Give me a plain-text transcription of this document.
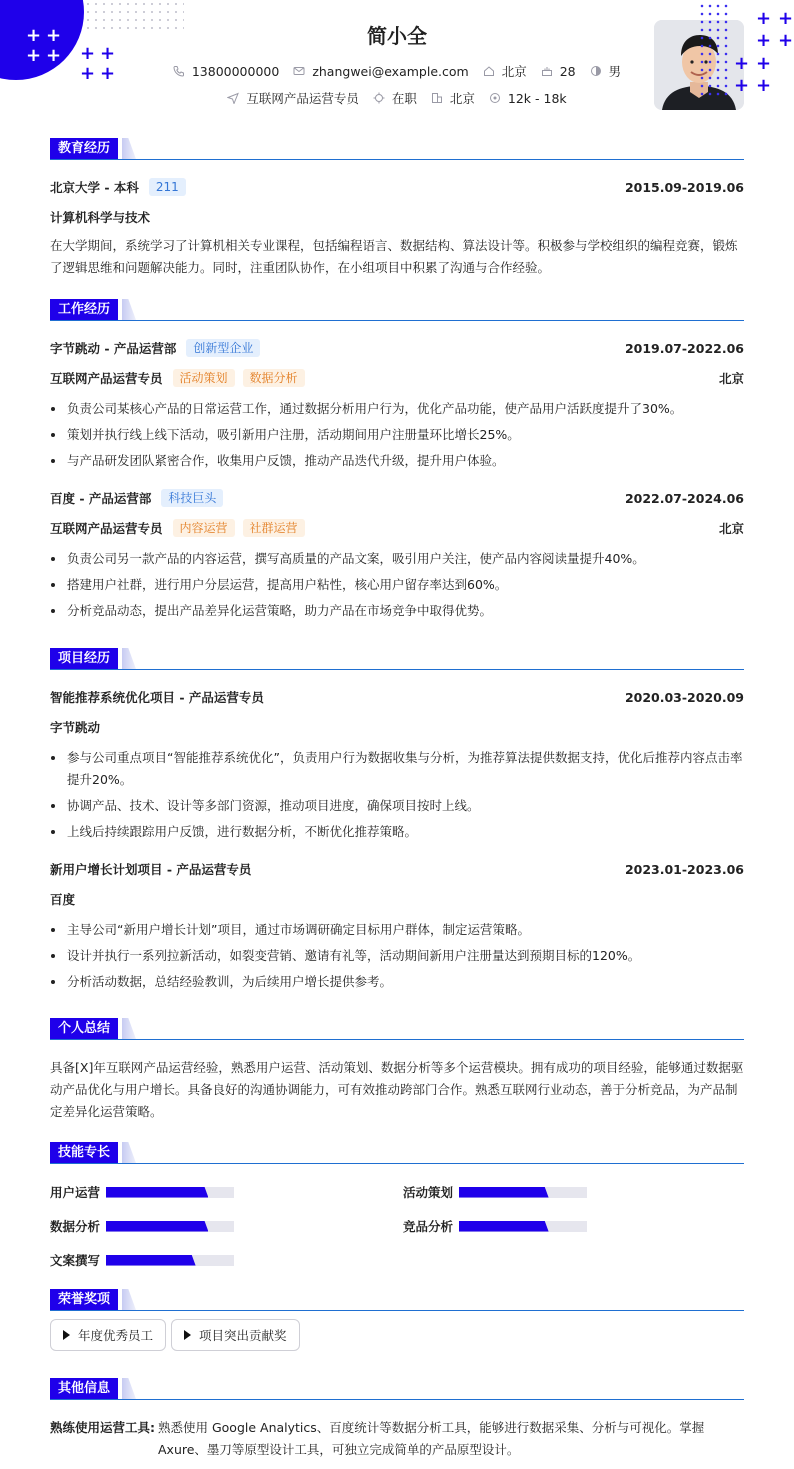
+ +
+ + + +
+ +
简小全
13800000000	zhangwei@example.com	北京	28	男
互联网产品运营专员	在职	北京	12k - 18k
+ +
+ +
+ +
+ +
教育经历
北京大学 - 本科	211	2015.09-2019.06
计算机科学与技术
在大学期间，系统学习了计算机相关专业课程，包括编程语言、数据结构、算法设计等。积极参与学校组织的编程竞赛，锻炼了逻辑思维和问题解决能力。同时，注重团队协作，在小组项目中积累了沟通与合作经验。
工作经历
字节跳动 - 产品运营部	创新型企业	2019.07-2022.06
互联网产品运营专员	活动策划	数据分析	北京
负责公司某核心产品的日常运营工作，通过数据分析用户行为，优化产品功能，使产品用户活跃度提升了30%。
策划并执行线上线下活动，吸引新用户注册，活动期间用户注册量环比增长25%。
与产品研发团队紧密合作，收集用户反馈，推动产品迭代升级，提升用户体验。
百度 - 产品运营部	科技巨头	2022.07-2024.06
互联网产品运营专员	内容运营	社群运营	北京
负责公司另一款产品的内容运营，撰写高质量的产品文案，吸引用户关注，使产品内容阅读量提升40%。
搭建用户社群，进行用户分层运营，提高用户粘性，核心用户留存率达到60%。
分析竞品动态，提出产品差异化运营策略，助力产品在市场竞争中取得优势。
项目经历
智能推荐系统优化项目 - 产品运营专员	2020.03-2020.09
字节跳动
参与公司重点项目“智能推荐系统优化”，负责用户行为数据收集与分析，为推荐算法提供数据支持，优化后推荐内容点击率提升20%。
协调产品、技术、设计等多部门资源，推动项目进度，确保项目按时上线。
上线后持续跟踪用户反馈，进行数据分析，不断优化推荐策略。
新用户增长计划项目 - 产品运营专员	2023.01-2023.06
百度
主导公司“新用户增长计划”项目，通过市场调研确定目标用户群体，制定运营策略。
设计并执行一系列拉新活动，如裂变营销、邀请有礼等，活动期间新用户注册量达到预期目标的120%。
分析活动数据，总结经验教训，为后续用户增长提供参考。
个人总结
具备[X]年互联网产品运营经验，熟悉用户运营、活动策划、数据分析等多个运营模块。拥有成功的项目经验，能够通过数据驱动产品优化与用户增长。具备良好的沟通协调能力，可有效推动跨部门合作。熟悉互联网行业动态，善于分析竞品，为产品制定差异化运营策略。
技能专长
用户运营	活动策划
数据分析	竞品分析
文案撰写
荣誉奖项
年度优秀员工	项目突出贡献奖
其他信息
熟练使用运营工具: 熟悉使用 Google Analytics、百度统计等数据分析工具，能够进行数据采集、分析与可视化。掌握 Axure、墨刀等原型设计工具，可独立完成简单的产品原型设计。
